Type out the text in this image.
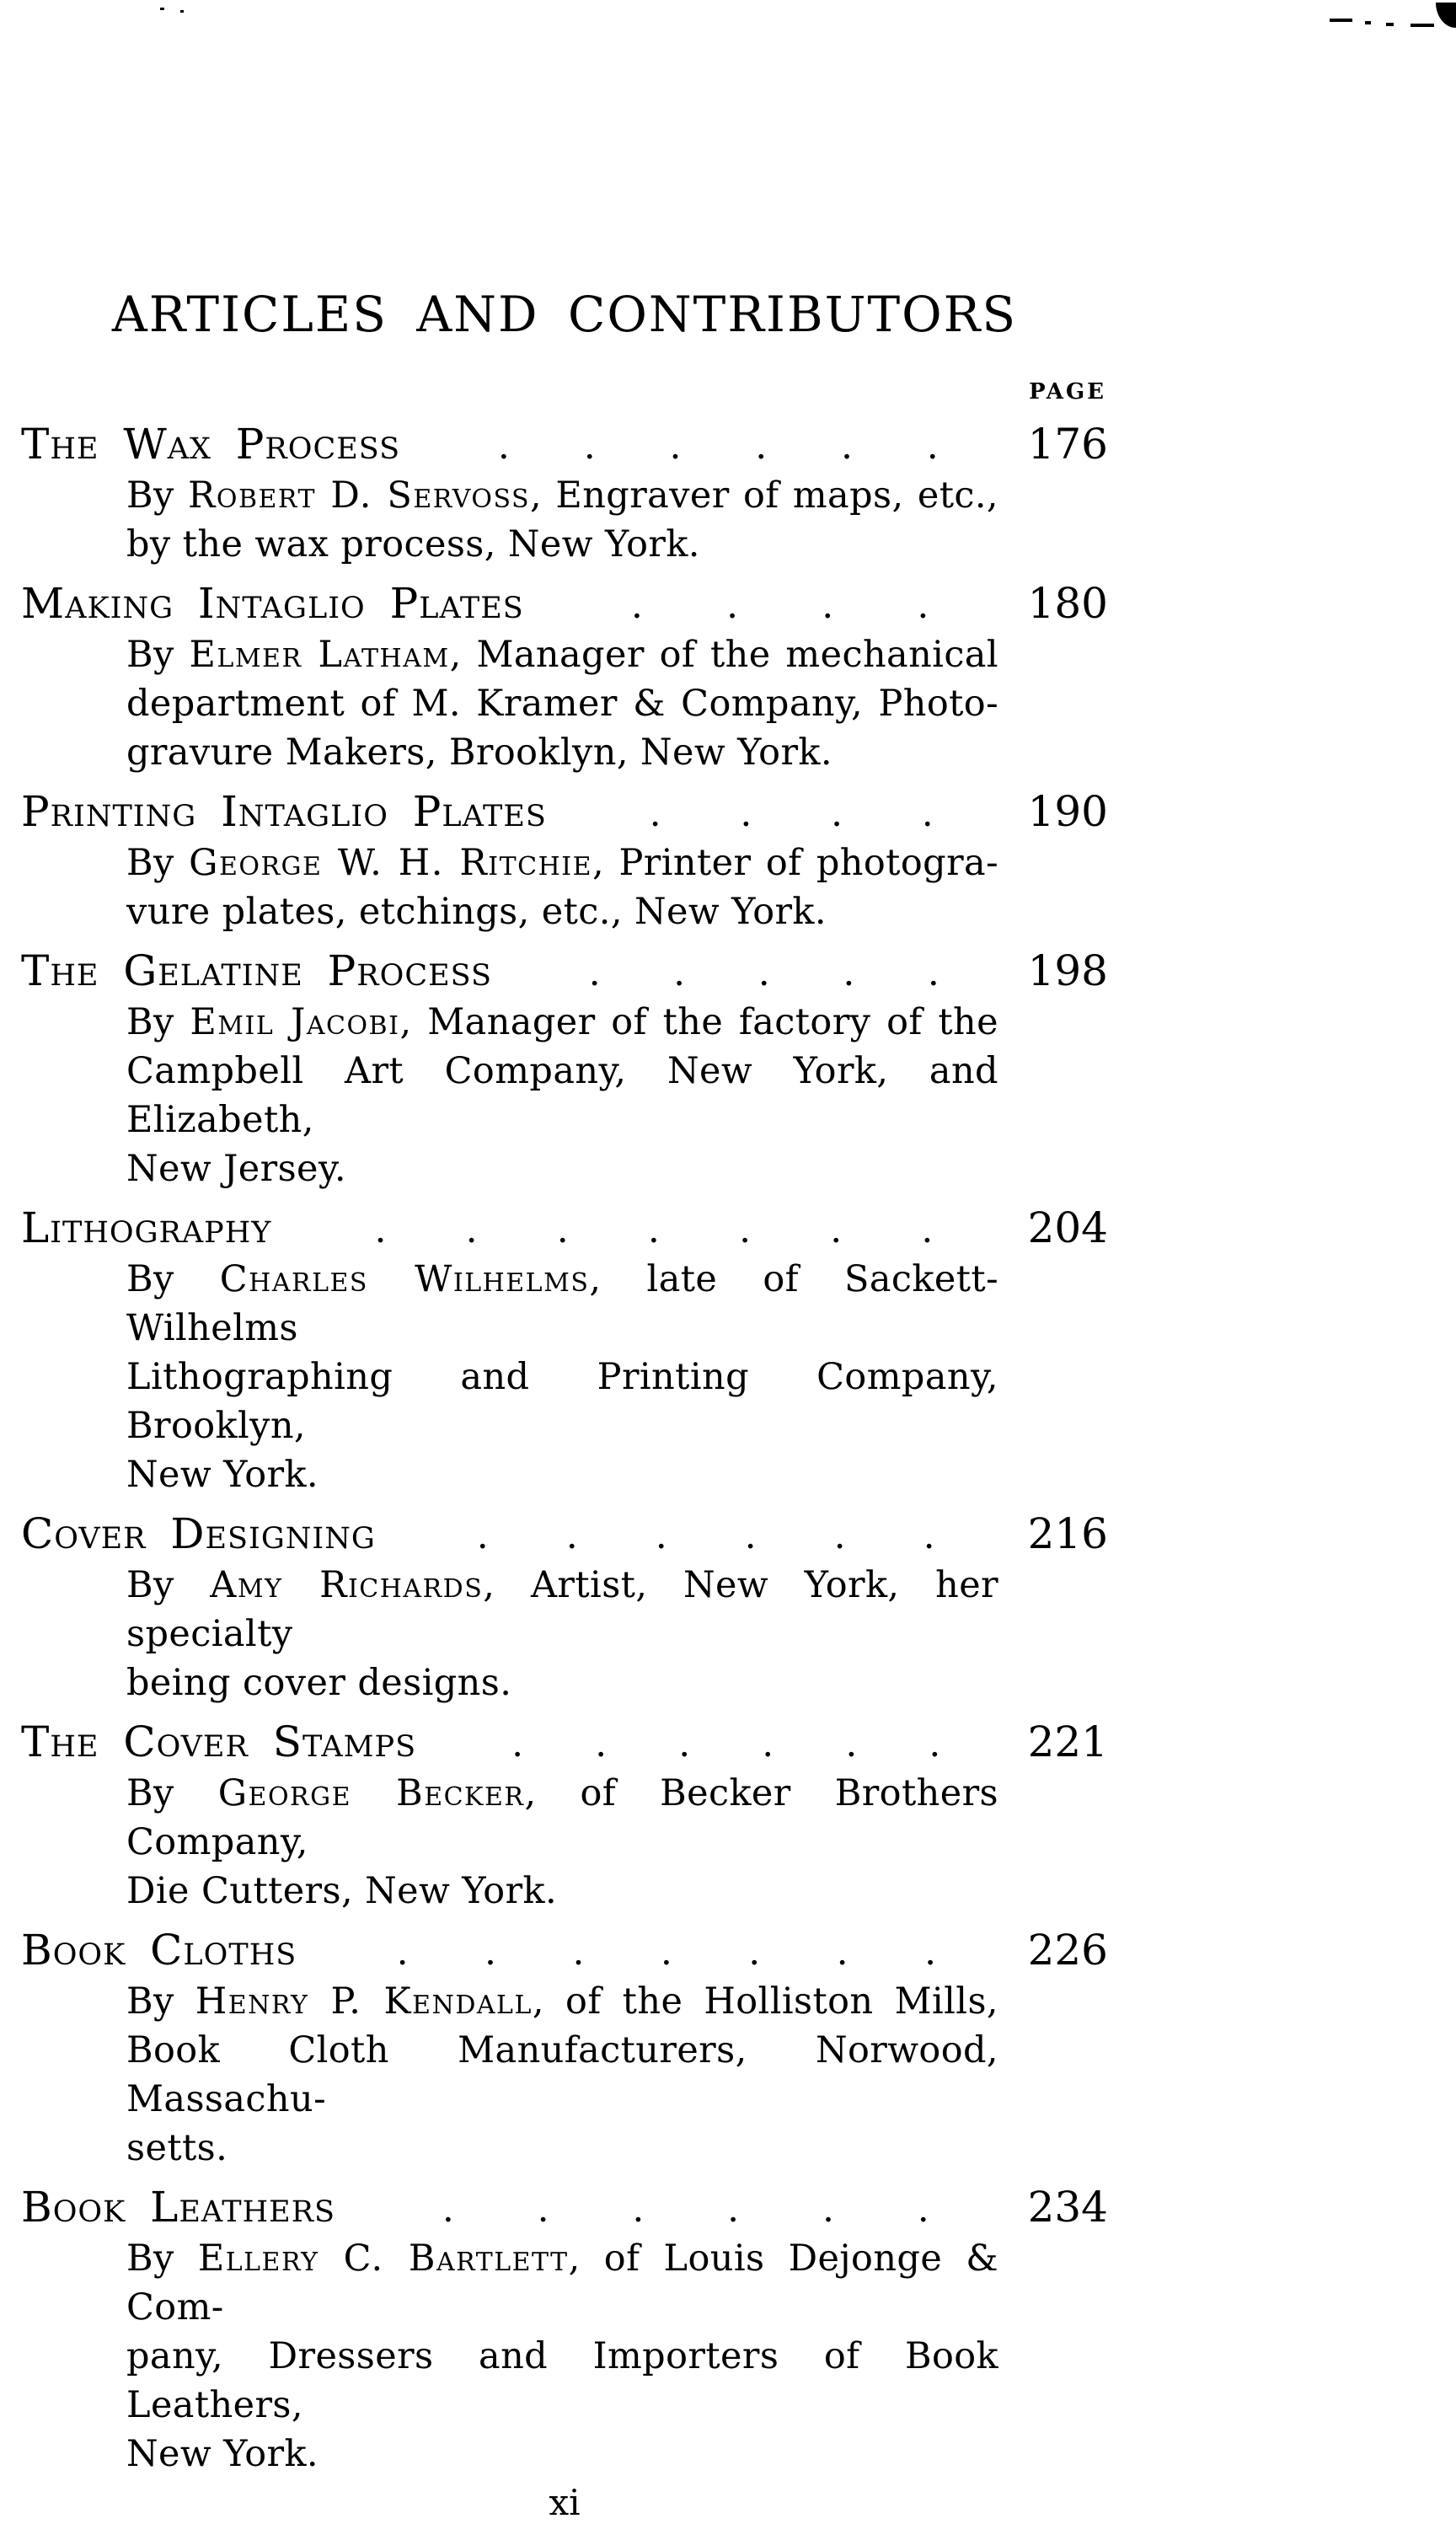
ARTICLES AND CONTRIBUTORS
PAGE
The Wax Process	. . . . . . 176
By Robert D. Servoss, Engraver of maps, etc.,
by the wax process, New York.
Making Intaglio Plates	. . . . 180
By Elmer Latham, Manager of the mechanical
department of M. Kramer & Company, Photo-
gravure Makers, Brooklyn, New York.
Printing Intaglio Plates	. . . . 190
By George W. H. Ritchie, Printer of photogra-
vure plates, etchings, etc., New York.
The Gelatine Process	. . . . . 198
By Emil Jacobi, Manager of the factory of the
Campbell Art Company, New York, and Elizabeth,
New Jersey.
Lithography	. . . . . . . 204
By Charles Wilhelms, late of Sackett-Wilhelms
Lithographing and Printing Company, Brooklyn,
New York.
Cover Designing	. . . . . . 216
By Amy Richards, Artist, New York, her specialty
being cover designs.
The Cover Stamps	. . . . . . 221
By George Becker, of Becker Brothers Company,
Die Cutters, New York.
Book Cloths	. . . . . . . 226
By Henry P. Kendall, of the Holliston Mills,
Book Cloth Manufacturers, Norwood, Massachu-
setts.
Book Leathers	. . . . . . 234
By Ellery C. Bartlett, of Louis Dejonge & Com-
pany, Dressers and Importers of Book Leathers,
New York.
xi
